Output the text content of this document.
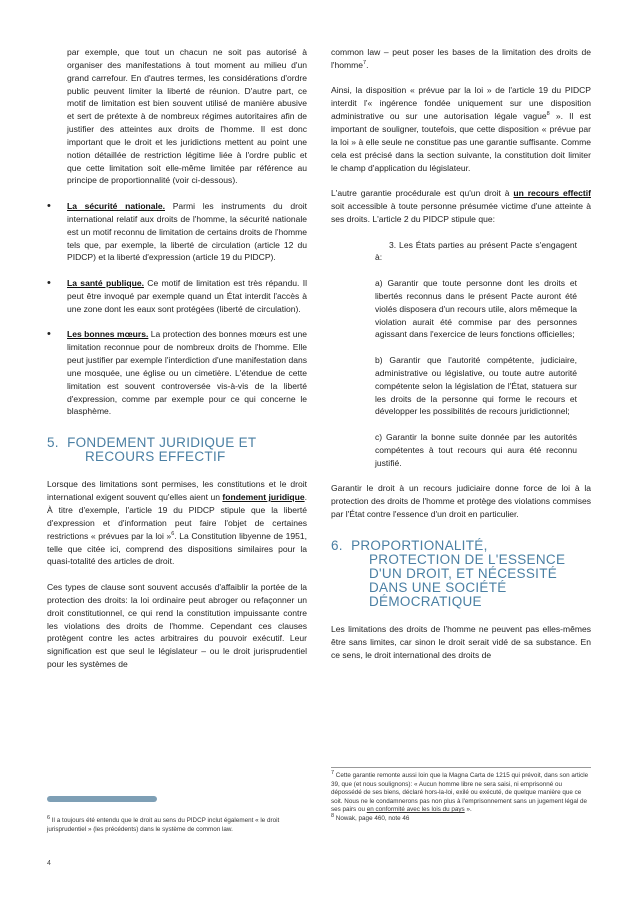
par exemple, que tout un chacun ne soit pas autorisé à organiser des manifestations à tout moment au milieu d'un grand carrefour. En d'autres termes, les considérations d'ordre public peuvent limiter la liberté de réunion. D'autre part, ce motif de limitation est bien souvent utilisé de manière abusive et sert de prétexte à de nombreux régimes autoritaires afin de justifier des atteintes aux droits de l'homme. Il est donc important que le droit et les juridictions mettent au point une notion détaillée de restriction légitime liée à l'ordre public et que cette limitation soit elle-même limitée par référence au principe de proportionnalité (voir ci-dessous).
• La sécurité nationale. Parmi les instruments du droit international relatif aux droits de l'homme, la sécurité nationale est un motif reconnu de limitation de certains droits de l'homme tels que, par exemple, la liberté de circulation (article 12 du PIDCP) et la liberté d'expression (article 19 du PIDCP).
• La santé publique. Ce motif de limitation est très répandu. Il peut être invoqué par exemple quand un État interdit l'accès à une zone dont les eaux sont protégées (liberté de circulation).
• Les bonnes mœurs. La protection des bonnes mœurs est une limitation reconnue pour de nombreux droits de l'homme. Elle peut justifier par exemple l'interdiction d'une manifestation dans une mosquée, une église ou un cimetière. L'étendue de cette limitation est souvent controversée vis-à-vis de la liberté d'expression, comme par exemple pour ce qui concerne le blasphème.
5. FONDEMENT JURIDIQUE ET
RECOURS EFFECTIF

Lorsque des limitations sont permises, les constitutions et le droit international exigent souvent qu'elles aient un fondement juridique. À titre d'exemple, l'article 19 du PIDCP stipule que la liberté d'expression et d'information peut faire l'objet de certaines restrictions « prévues par la loi »$^6$. La Constitution libyenne de 1951, telle que citée ici, comprend des dispositions similaires pour la quasi-totalité des articles de droit.

Ces types de clause sont souvent accusés d'affaiblir la portée de la protection des droits: la loi ordinaire peut abroger ou refaçonner un droit constitutionnel, ce qui rend la constitution impuissante contre les violations des droits de l'homme. Cependant ces clauses protègent contre les actes arbitraires du pouvoir exécutif. Leur signification est que seul le législateur – ou le droit jurisprudentiel pour les systèmes de

common law – peut poser les bases de la limitation des droits de l'homme$^7$.

Ainsi, la disposition « prévue par la loi » de l'article 19 du PIDCP interdit l'« ingérence fondée uniquement sur une disposition administrative ou sur une autorisation légale vague$^8$ ». Il est important de souligner, toutefois, que cette disposition « prévue par la loi » à elle seule ne constitue pas une garantie suffisante. Comme cela est précisé dans la section suivante, la constitution doit limiter le champ d'application du législateur.

L'autre garantie procédurale est qu'un droit à un recours effectif soit accessible à toute personne présumée victime d'une atteinte à ses droits. L'article 2 du PIDCP stipule que:

3. Les États parties au présent Pacte s'engagent à:

a) Garantir que toute personne dont les droits et libertés reconnus dans le présent Pacte auront été violés disposera d'un recours utile, alors mêmeque la violation aurait été commise par des personnes agissant dans l'exercice de leurs fonctions officielles;

b) Garantir que l'autorité compétente, judiciaire, administrative ou législative, ou toute autre autorité compétente selon la législation de l'État, statuera sur les droits de la personne qui forme le recours et développer les possibilités de recours juridictionnel;

c) Garantir la bonne suite donnée par les autorités compétentes à tout recours qui aura été reconnu justifié.

Garantir le droit à un recours judiciaire donne force de loi à la protection des droits de l'homme et protège des violations commises par l'État contre l'essence d'un droit en particulier.

6. PROPORTIONALITÉ,
PROTECTION DE L'ESSENCE
D'UN DROIT, ET NÉCESSITÉ
DANS UNE SOCIÉTÉ
DÉMOCRATIQUE

Les limitations des droits de l'homme ne peuvent pas elles-mêmes être sans limites, car sinon le droit serait vidé de sa substance. En ce sens, le droit international des droits de

$^6$ Il a toujours été entendu que le droit au sens du PIDCP inclut également « le droit jurisprudentiel » (les précédents) dans le système de common law.
$^7$ Cette garantie remonte aussi loin que la Magna Carta de 1215 qui prévoit, dans son article 39, que (et nous soulignons): « Aucun homme libre ne sera saisi, ni emprisonné ou dépossédé de ses biens, déclaré hors-la-loi, exilé ou exécuté, de quelque manière que ce soit. Nous ne le condamnerons pas non plus à l'emprisonnement sans un jugement légal de ses pairs ou en conformité avec les lois du pays ».
$^8$ Nowak, page 460, note 46
4
